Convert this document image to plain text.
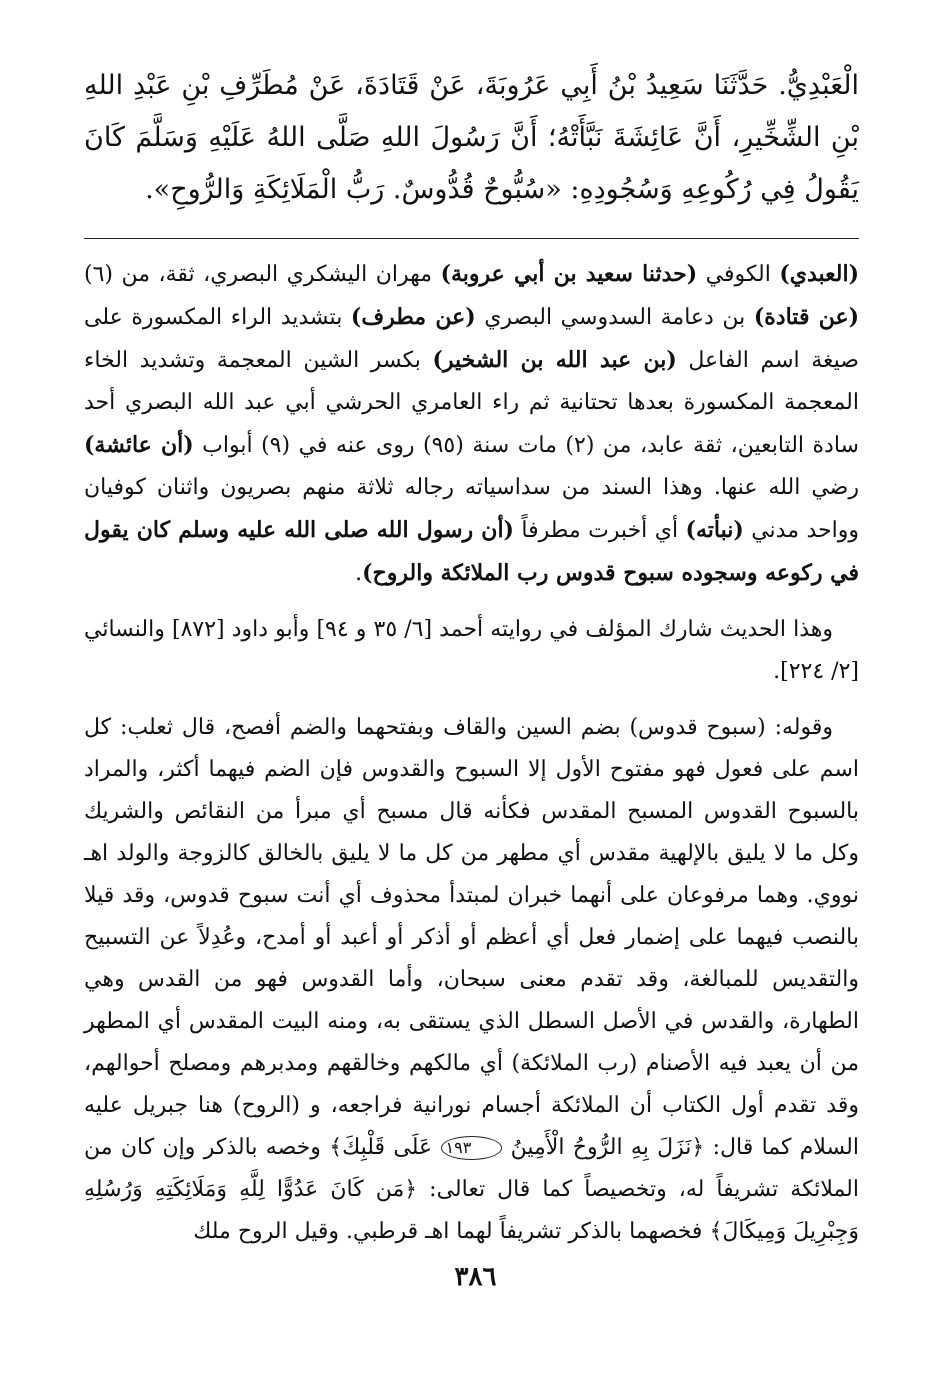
الْعَبْدِيُّ. حَدَّثَنَا سَعِيدُ بْنُ أَبِي عَرُوبَةَ، عَنْ قَتَادَةَ، عَنْ مُطَرِّفِ بْنِ عَبْدِ اللهِ بْنِ الشِّخِّيرِ، أَنَّ عَائِشَةَ نَبَّأَتْهُ؛ أَنَّ رَسُولَ اللهِ صَلَّى اللهُ عَلَيْهِ وَسَلَّمَ كَانَ يَقُولُ فِي رُكُوعِهِ وَسُجُودِهِ: «سُبُّوحٌ قُدُّوسٌ. رَبُّ الْمَلَائِكَةِ وَالرُّوحِ».

(العبدي) الكوفي (حدثنا سعيد بن أبي عروبة) مهران اليشكري البصري، ثقة، من (٦) (عن قتادة) بن دعامة السدوسي البصري (عن مطرف) بتشديد الراء المكسورة على صيغة اسم الفاعل (بن عبد الله بن الشخير) بكسر الشين المعجمة وتشديد الخاء المعجمة المكسورة بعدها تحتانية ثم راء العامري الحرشي أبي عبد الله البصري أحد سادة التابعين، ثقة عابد، من (٢) مات سنة (٩٥) روى عنه في (٩) أبواب (أن عائشة) رضي الله عنها. وهذا السند من سداسياته رجاله ثلاثة منهم بصريون واثنان كوفيان وواحد مدني (نبأته) أي أخبرت مطرفاً (أن رسول الله صلى الله عليه وسلم كان يقول في ركوعه وسجوده سبوح قدوس رب الملائكة والروح).

وهذا الحديث شارك المؤلف في روايته أحمد [٦/ ٣٥ و ٩٤] وأبو داود [٨٧٢] والنسائي [٢/ ٢٢٤].

وقوله: (سبوح قدوس) بضم السين والقاف وبفتحهما والضم أفصح، قال ثعلب: كل اسم على فعول فهو مفتوح الأول إلا السبوح والقدوس فإن الضم فيهما أكثر، والمراد بالسبوح القدوس المسبح المقدس فكأنه قال مسبح أي مبرأ من النقائص والشريك وكل ما لا يليق بالإلهية مقدس أي مطهر من كل ما لا يليق بالخالق كالزوجة والولد اهـ نووي. وهما مرفوعان على أنهما خبران لمبتدأ محذوف أي أنت سبوح قدوس، وقد قيلا بالنصب فيهما على إضمار فعل أي أعظم أو أذكر أو أعبد أو أمدح، وعُدِلاً عن التسبيح والتقديس للمبالغة، وقد تقدم معنى سبحان، وأما القدوس فهو من القدس وهي الطهارة، والقدس في الأصل السطل الذي يستقى به، ومنه البيت المقدس أي المطهر من أن يعبد فيه الأصنام (رب الملائكة) أي مالكهم وخالقهم ومدبرهم ومصلح أحوالهم، وقد تقدم أول الكتاب أن الملائكة أجسام نورانية فراجعه، و (الروح) هنا جبريل عليه السلام كما قال: ﴿نَزَلَ بِهِ الرُّوحُ الْأَمِينُ ١٩٣ عَلَى قَلْبِكَ﴾ وخصه بالذكر وإن كان من الملائكة تشريفاً له، وتخصيصاً كما قال تعالى: ﴿مَن كَانَ عَدُوًّا لِلَّهِ وَمَلَائِكَتِهِ وَرُسُلِهِ وَجِبْرِيلَ وَمِيكَالَ﴾ فخصهما بالذكر تشريفاً لهما اهـ قرطبي. وقيل الروح ملك

٣٨٦
